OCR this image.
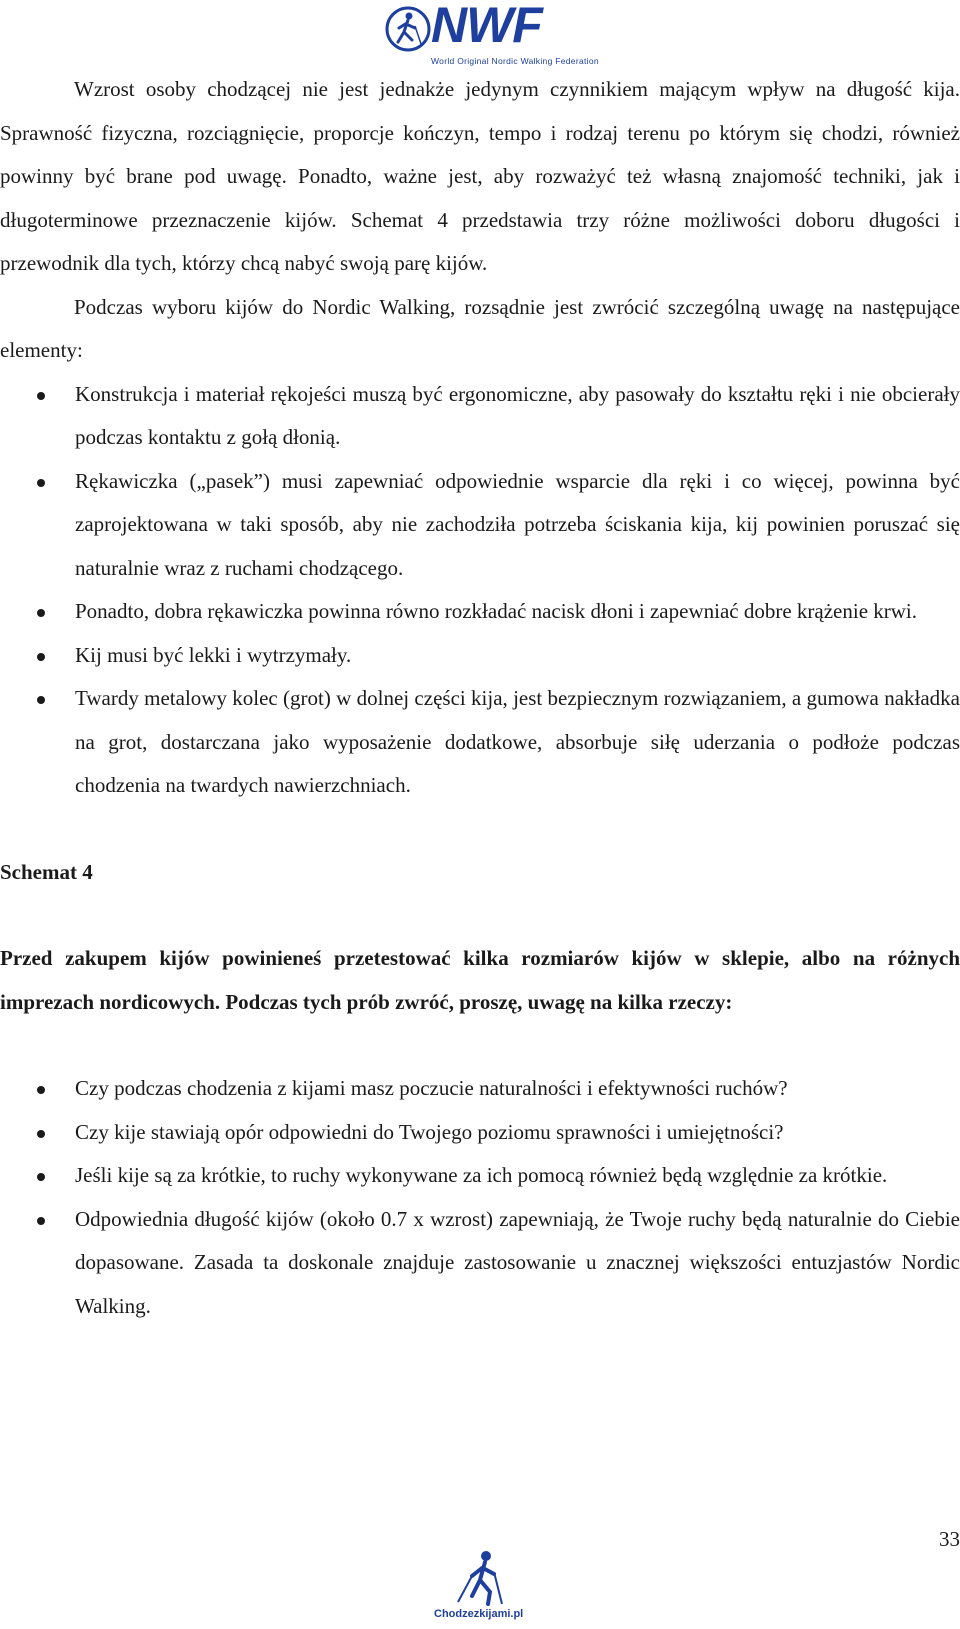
NWF
World Original Nordic Walking Federation

Wzrost osoby chodzącej nie jest jednakże jedynym czynnikiem mającym wpływ na długość kija. Sprawność fizyczna, rozciągnięcie, proporcje kończyn, tempo i rodzaj terenu po którym się chodzi, również powinny być brane pod uwagę. Ponadto, ważne jest, aby rozważyć też własną znajomość techniki, jak i długoterminowe przeznaczenie kijów. Schemat 4 przedstawia trzy różne możliwości doboru długości i przewodnik dla tych, którzy chcą nabyć swoją parę kijów.

Podczas wyboru kijów do Nordic Walking, rozsądnie jest zwrócić szczególną uwagę na następujące elementy:

Konstrukcja i materiał rękojeści muszą być ergonomiczne, aby pasowały do kształtu ręki i nie obcierały podczas kontaktu z gołą dłonią.
Rękawiczka („pasek”) musi zapewniać odpowiednie wsparcie dla ręki i co więcej, powinna być zaprojektowana w taki sposób, aby nie zachodziła potrzeba ściskania kija, kij powinien poruszać się naturalnie wraz z ruchami chodzącego.
Ponadto, dobra rękawiczka powinna równo rozkładać nacisk dłoni i zapewniać dobre krążenie krwi.
Kij musi być lekki i wytrzymały.
Twardy metalowy kolec (grot) w dolnej części kija, jest bezpiecznym rozwiązaniem, a gumowa nakładka na grot, dostarczana jako wyposażenie dodatkowe, absorbuje siłę uderzania o podłoże podczas chodzenia na twardych nawierzchniach.

Schemat 4

Przed zakupem kijów powinieneś przetestować kilka rozmiarów kijów w sklepie, albo na różnych imprezach nordicowych. Podczas tych prób zwróć, proszę, uwagę na kilka rzeczy:

Czy podczas chodzenia z kijami masz poczucie naturalności i efektywności ruchów?
Czy kije stawiają opór odpowiedni do Twojego poziomu sprawności i umiejętności?
Jeśli kije są za krótkie, to ruchy wykonywane za ich pomocą również będą względnie za krótkie.
Odpowiednia długość kijów (około 0.7 x wzrost) zapewniają, że Twoje ruchy będą naturalnie do Ciebie dopasowane. Zasada ta doskonale znajduje zastosowanie u znacznej większości entuzjastów Nordic Walking.
33
Chodzezkijami.pl
